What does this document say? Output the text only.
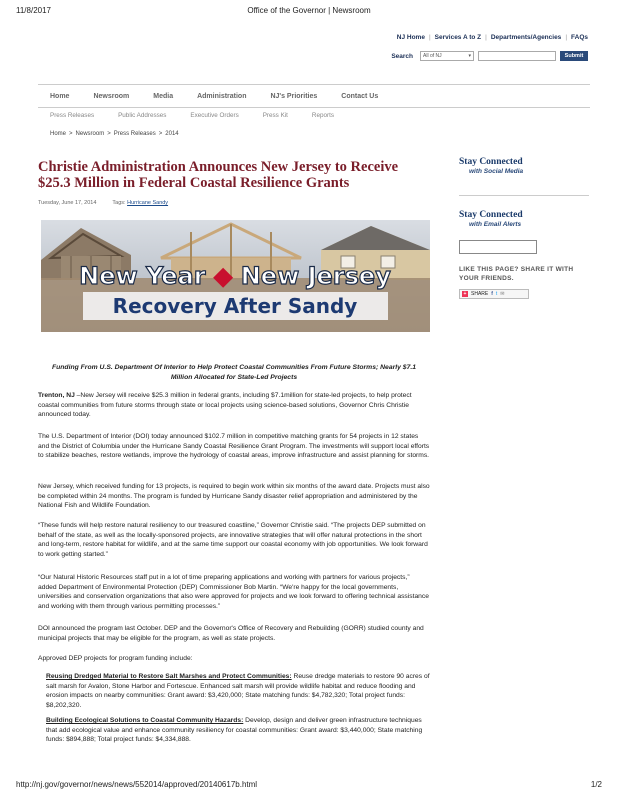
11/8/2017	Office of the Governor | Newsroom
NJ Home | Services A to Z | Departments/Agencies | FAQs
Search All of NJ	▾	Submit
Home	Newsroom	Media	Administration	NJ's Priorities	Contact Us
Press Releases	Public Addresses	Executive Orders	Press Kit	Reports
Home > Newsroom > Press Releases > 2014
Christie Administration Announces New Jersey to Receive $25.3 Million in Federal Coastal Resilience Grants
Tuesday, June 17, 2014	Tags: Hurricane Sandy
New Year ◆ New Jersey
Recovery After Sandy

Funding From U.S. Department Of Interior to Help Protect Coastal Communities From Future Storms; Nearly $7.1 Million Allocated for State-Led Projects

Trenton, NJ –New Jersey will receive $25.3 million in federal grants, including $7.1million for state-led projects, to help protect coastal communities from future storms through state or local projects using science-based solutions, Governor Chris Christie announced today.

The U.S. Department of Interior (DOI) today announced $102.7 million in competitive matching grants for 54 projects in 12 states and the District of Columbia under the Hurricane Sandy Coastal Resilience Grant Program. The investments will support local efforts to stabilize beaches, restore wetlands, improve the hydrology of coastal areas, improve infrastructure and assist planning for storms.

New Jersey, which received funding for 13 projects, is required to begin work within six months of the award date. Projects must also be completed within 24 months. The program is funded by Hurricane Sandy disaster relief appropriation and administered by the National Fish and Wildlife Foundation.

“These funds will help restore natural resiliency to our treasured coastline,” Governor Christie said. “The projects DEP submitted on behalf of the state, as well as the locally-sponsored projects, are innovative strategies that will offer natural protections in the short and long-term, restore habitat for wildlife, and at the same time support our coastal economy with job opportunities. We look forward to work getting started.”

“Our Natural Historic Resources staff put in a lot of time preparing applications and working with partners for various projects,” added Department of Environmental Protection (DEP) Commissioner Bob Martin. “We're happy for the local governments, universities and conservation organizations that also were approved for projects and we look forward to offering technical assistance and working with them through various permitting processes.”

DOI announced the program last October. DEP and the Governor's Office of Recovery and Rebuilding (GORR) studied county and municipal projects that may be eligible for the program, as well as state projects.

Approved DEP projects for program funding include:

Reusing Dredged Material to Restore Salt Marshes and Protect Communities: Reuse dredge materials to restore 90 acres of salt marsh for Avalon, Stone Harbor and Fortescue. Enhanced salt marsh will provide wildlife habitat and reduce flooding and erosion impacts on nearby communities: Grant award: $3,420,000; State matching funds: $4,782,320; Total project funds: $8,202,320.

Building Ecological Solutions to Coastal Community Hazards: Develop, design and deliver green infrastructure techniques that add ecological value and enhance community resiliency for coastal communities: Grant award: $3,440,000; State matching funds: $894,888; Total project funds: $4,334,888.

Stay Connected
with Social Media
Stay Connected
with Email Alerts
LIKE THIS PAGE? SHARE IT WITH YOUR FRIENDS.
+ SHARE f t ✉
http://nj.gov/governor/news/news/552014/approved/20140617b.html	1/2
